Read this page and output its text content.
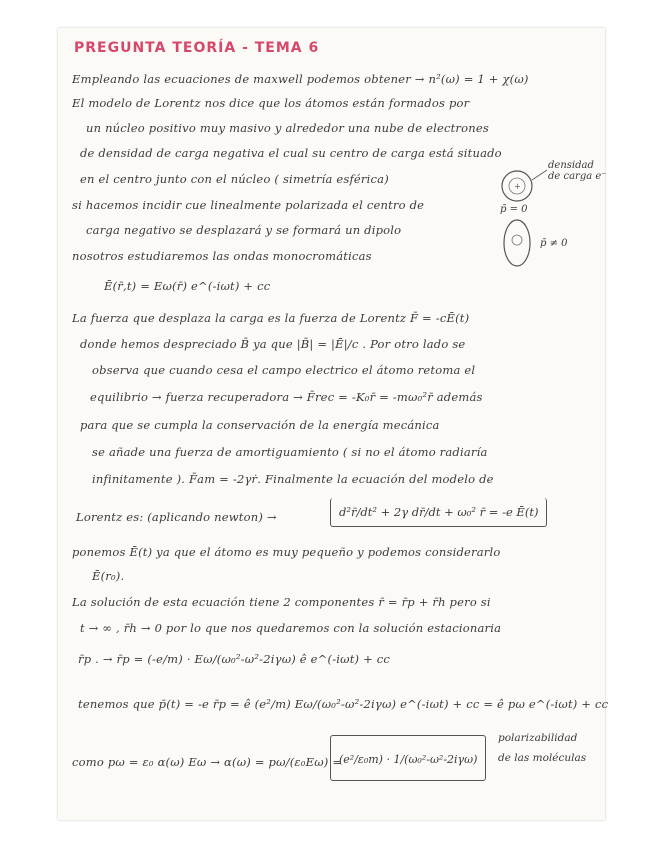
PREGUNTA TEORÍA - TEMA 6
Empleando las ecuaciones de maxwell podemos obtener → n²(ω) = 1 + χ(ω)
El modelo de Lorentz nos dice que los átomos están formados por
un núcleo positivo muy masivo y alrededor una nube de electrones
de densidad de carga negativa el cual su centro de carga está situado
en el centro junto con el núcleo ( simetría esférica)
si hacemos incidir cue linealmente polarizada el centro de
carga negativo se desplazará y se formará un dipolo
nosotros estudiaremos las ondas monocromáticas
Ē(r̄,t) = Eω(r̄) e^(-iωt) + cc
La fuerza que desplaza la carga es la fuerza de Lorentz F̄ = -cĒ(t)
donde hemos despreciado B̄ ya que |B̄| = |Ē|/c . Por otro lado se
observa que cuando cesa el campo electrico el átomo retoma el
equilibrio → fuerza recuperadora → F̄rec = -K₀r̄ = -mω₀²r̄ además
para que se cumpla la conservación de la energía mecánica
se añade una fuerza de amortiguamiento ( si no el átomo radiaría
infinitamente ). F̄am = -2γṙ. Finalmente la ecuación del modelo de
Lorentz es: (aplicando newton) →	d²r̄/dt² + 2γ dr̄/dt + ω₀² r̄ = -e Ē(t)
ponemos Ē(t) ya que el átomo es muy pequeño y podemos considerarlo
Ē(r₀).
La solución de esta ecuación tiene 2 componentes r̄ = r̄p + r̄h pero si
t → ∞ , r̄h → 0 por lo que nos quedaremos con la solución estacionaria
r̄p . → r̄p = (-e/m) · Eω/(ω₀²-ω²-2iγω) ê e^(-iωt) + cc
tenemos que p̄(t) = -e r̄p = ê (e²/m) Eω/(ω₀²-ω²-2iγω) e^(-iωt) + cc = ê pω e^(-iωt) + cc
como pω = ε₀ α(ω) Eω → α(ω) = pω/(ε₀Eω) =
(e²/ε₀m) · 1/(ω₀²-ω²-2iγω)
polarizabilidad de las moléculas
+
densidad de carga e⁻
p̄ = 0
p̄ ≠ 0
